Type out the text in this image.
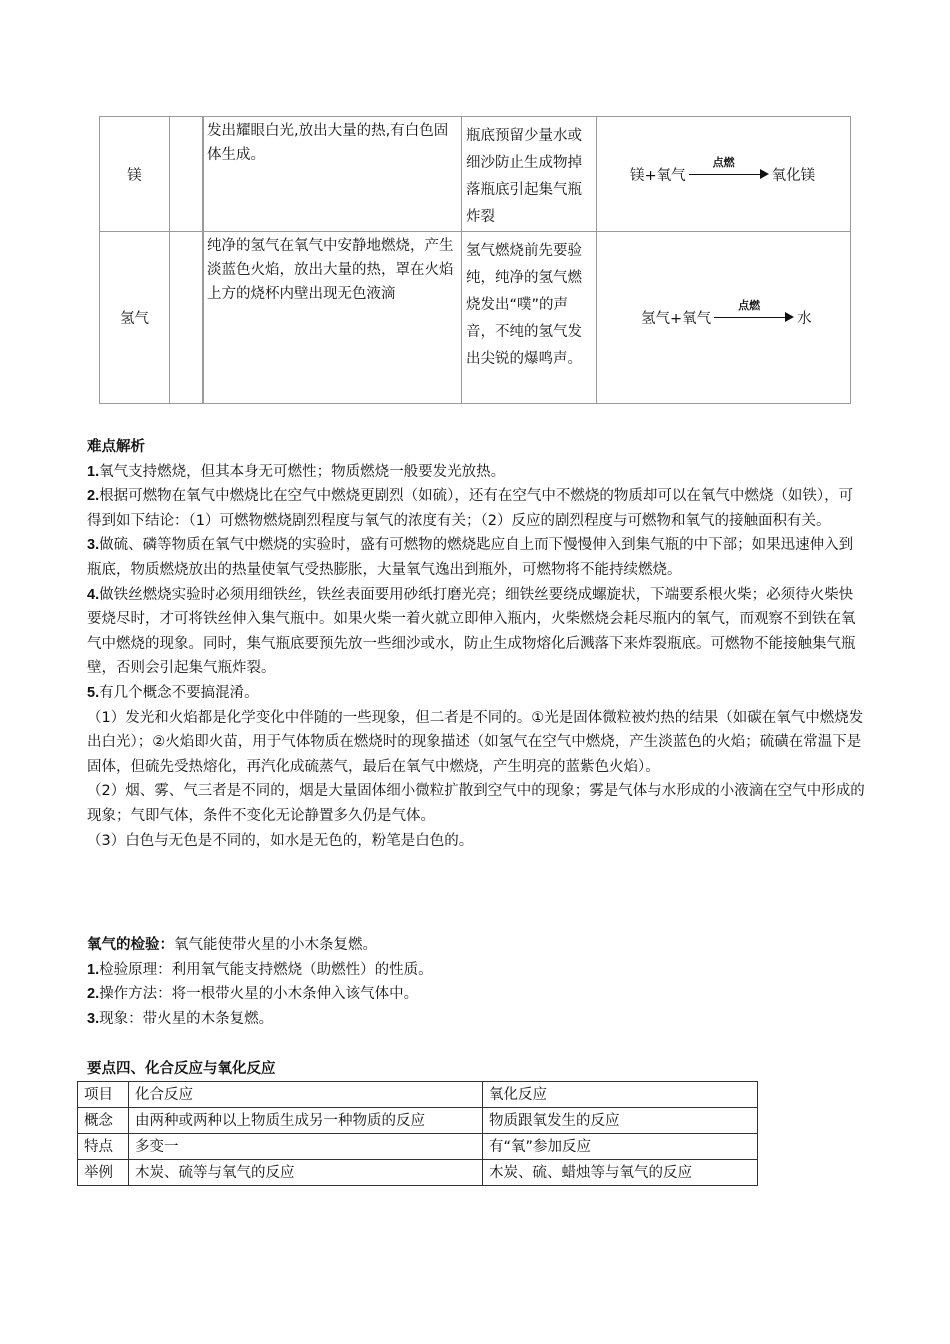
镁		发出耀眼白光,放出大量的热,有白色固体生成。	瓶底预留少量水或细沙防止生成物掉落瓶底引起集气瓶炸裂	镁+氧气
点燃
氧化镁

氢气		纯净的氢气在氧气中安静地燃烧，产生淡蓝色火焰，放出大量的热，罩在火焰上方的烧杯内壁出现无色液滴	氢气燃烧前先要验纯，纯净的氢气燃烧发出“噗”的声音，不纯的氢气发出尖锐的爆鸣声。	氢气+氧气
点燃
水

难点解析

1.氧气支持燃烧，但其本身无可燃性；物质燃烧一般要发光放热。

2.根据可燃物在氧气中燃烧比在空气中燃烧更剧烈（如硫），还有在空气中不燃烧的物质却可以在氧气中燃烧（如铁），可得到如下结论：（1）可燃物燃烧剧烈程度与氧气的浓度有关；（2）反应的剧烈程度与可燃物和氧气的接触面积有关。

3.做硫、磷等物质在氧气中燃烧的实验时，盛有可燃物的燃烧匙应自上而下慢慢伸入到集气瓶的中下部；如果迅速伸入到瓶底，物质燃烧放出的热量使氧气受热膨胀，大量氧气逸出到瓶外，可燃物将不能持续燃烧。

4.做铁丝燃烧实验时必须用细铁丝，铁丝表面要用砂纸打磨光亮；细铁丝要绕成螺旋状，下端要系根火柴；必须待火柴快要烧尽时，才可将铁丝伸入集气瓶中。如果火柴一着火就立即伸入瓶内，火柴燃烧会耗尽瓶内的氧气，而观察不到铁在氧气中燃烧的现象。同时，集气瓶底要预先放一些细沙或水，防止生成物熔化后溅落下来炸裂瓶底。可燃物不能接触集气瓶壁，否则会引起集气瓶炸裂。

5.有几个概念不要搞混淆。

（1）发光和火焰都是化学变化中伴随的一些现象，但二者是不同的。①光是固体微粒被灼热的结果（如碳在氧气中燃烧发出白光）；②火焰即火苗，用于气体物质在燃烧时的现象描述（如氢气在空气中燃烧，产生淡蓝色的火焰；硫磺在常温下是固体，但硫先受热熔化，再汽化成硫蒸气，最后在氧气中燃烧，产生明亮的蓝紫色火焰）。

（2）烟、雾、气三者是不同的，烟是大量固体细小微粒扩散到空气中的现象；雾是气体与水形成的小液滴在空气中形成的现象；气即气体，条件不变化无论静置多久仍是气体。

（3）白色与无色是不同的，如水是无色的，粉笔是白色的。

氧气的检验：氧气能使带火星的小木条复燃。

1.检验原理：利用氧气能支持燃烧（助燃性）的性质。

2.操作方法：将一根带火星的小木条伸入该气体中。

3.现象：带火星的木条复燃。

要点四、化合反应与氧化反应
项目	化合反应	氧化反应
概念	由两种或两种以上物质生成另一种物质的反应	物质跟氧发生的反应
特点	多变一	有“氧”参加反应
举例	木炭、硫等与氧气的反应	木炭、硫、蜡烛等与氧气的反应
